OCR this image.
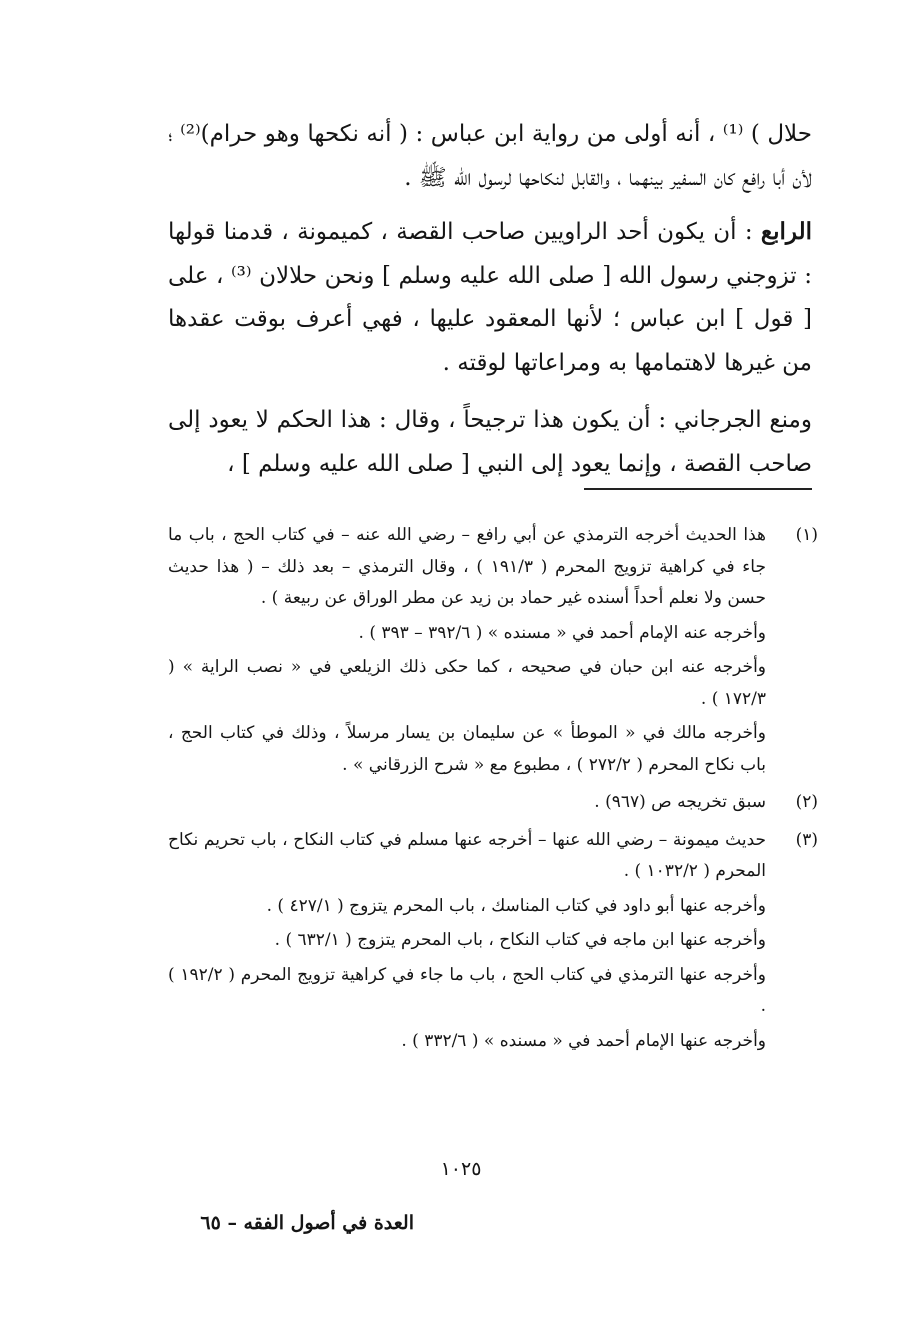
حلال ) ⁽¹⁾ ، أنه أولى من رواية ابن عباس : ( أنه نكحها وهو حرام)⁽²⁾ ؛ لأن أبا رافع كان السفير بينهما ، والقابل لنكاحها لرسول الله ﷺ .

الرابع : أن يكون أحد الراويين صاحب القصة ، كميمونة ، قدمنا قولها : تزوجني رسول الله [ صلى الله عليه وسلم ] ونحن حلالان ⁽³⁾ ، على [ قول ] ابن عباس ؛ لأنها المعقود عليها ، فهي أعرف بوقت عقدها من غيرها لاهتمامها به ومراعاتها لوقته .

ومنع الجرجاني : أن يكون هذا ترجيحاً ، وقال : هذا الحكم لا يعود إلى صاحب القصة ، وإنما يعود إلى النبي [ صلى الله عليه وسلم ] ،

(١)

هذا الحديث أخرجه الترمذي عن أبي رافع – رضي الله عنه – في كتاب الحج ، باب ما جاء في كراهية تزويج المحرم ( ١٩١/٣ ) ، وقال الترمذي – بعد ذلك – ( هذا حديث حسن ولا نعلم أحداً أسنده غير حماد بن زيد عن مطر الوراق عن ربيعة ) .

وأخرجه عنه الإمام أحمد في « مسنده » ( ٣٩٢/٦ – ٣٩٣ ) .

وأخرجه عنه ابن حبان في صحيحه ، كما حكى ذلك الزيلعي في « نصب الراية » ( ١٧٢/٣ ) .

وأخرجه مالك في « الموطأ » عن سليمان بن يسار مرسلاً ، وذلك في كتاب الحج ، باب نكاح المحرم ( ٢٧٢/٢ ) ، مطبوع مع « شرح الزرقاني » .

(٢)

سبق تخريجه ص (٩٦٧) .

(٣)

حديث ميمونة – رضي الله عنها – أخرجه عنها مسلم في كتاب النكاح ، باب تحريم نكاح المحرم ( ١٠٣٢/٢ ) .

وأخرجه عنها أبو داود في كتاب المناسك ، باب المحرم يتزوج ( ٤٢٧/١ ) .

وأخرجه عنها ابن ماجه في كتاب النكاح ، باب المحرم يتزوج ( ٦٣٢/١ ) .

وأخرجه عنها الترمذي في كتاب الحج ، باب ما جاء في كراهية تزويج المحرم ( ١٩٢/٢ ) .

وأخرجه عنها الإمام أحمد في « مسنده » ( ٣٣٢/٦ ) .

١٠٢٥
العدة في أصول الفقه – ٦٥
